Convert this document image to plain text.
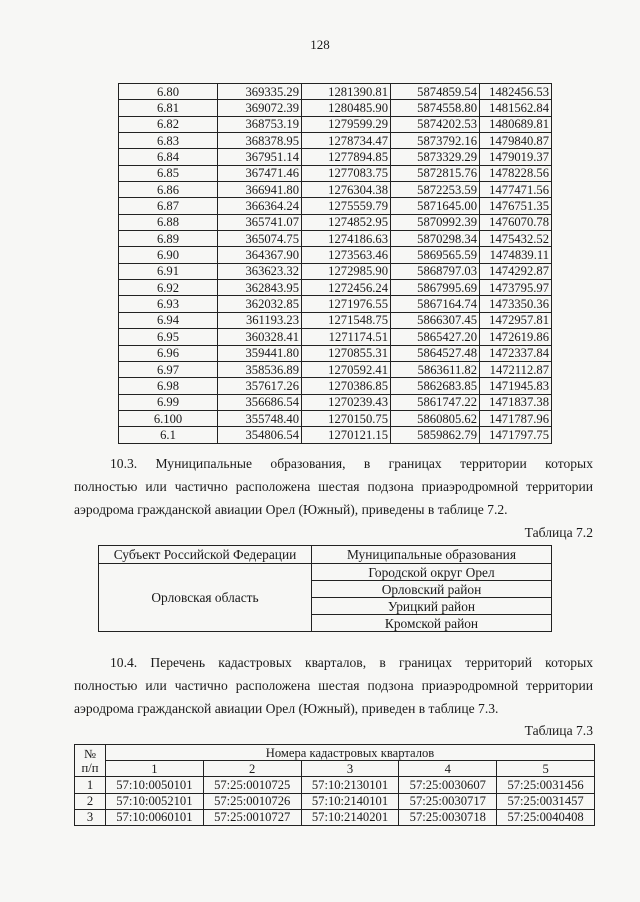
128
6.80	369335.29	1281390.81	5874859.54	1482456.53
6.81	369072.39	1280485.90	5874558.80	1481562.84
6.82	368753.19	1279599.29	5874202.53	1480689.81
6.83	368378.95	1278734.47	5873792.16	1479840.87
6.84	367951.14	1277894.85	5873329.29	1479019.37
6.85	367471.46	1277083.75	5872815.76	1478228.56
6.86	366941.80	1276304.38	5872253.59	1477471.56
6.87	366364.24	1275559.79	5871645.00	1476751.35
6.88	365741.07	1274852.95	5870992.39	1476070.78
6.89	365074.75	1274186.63	5870298.34	1475432.52
6.90	364367.90	1273563.46	5869565.59	1474839.11
6.91	363623.32	1272985.90	5868797.03	1474292.87
6.92	362843.95	1272456.24	5867995.69	1473795.97
6.93	362032.85	1271976.55	5867164.74	1473350.36
6.94	361193.23	1271548.75	5866307.45	1472957.81
6.95	360328.41	1271174.51	5865427.20	1472619.86
6.96	359441.80	1270855.31	5864527.48	1472337.84
6.97	358536.89	1270592.41	5863611.82	1472112.87
6.98	357617.26	1270386.85	5862683.85	1471945.83
6.99	356686.54	1270239.43	5861747.22	1471837.38
6.100	355748.40	1270150.75	5860805.62	1471787.96
6.1	354806.54	1270121.15	5859862.79	1471797.75
10.3. Муниципальные образования, в границах территории которых
полностью или частично расположена шестая подзона приаэродромной территории аэродрома гражданской авиации Орел (Южный), приведены в таблице 7.2.
Таблица 7.2
Субъект Российской Федерации	Муниципальные образования
Орловская область	Городской округ Орел
	Орловский район
	Урицкий район
	Кромской район
10.4. Перечень кадастровых кварталов, в границах территорий которых
полностью или частично расположена шестая подзона приаэродромной территории аэродрома гражданской авиации Орел (Южный), приведен в таблице 7.3.
Таблица 7.3
№
п/п	Номера кадастровых кварталов				
	1	2	3	4	5
1	57:10:0050101	57:25:0010725	57:10:2130101	57:25:0030607	57:25:0031456
2	57:10:0052101	57:25:0010726	57:10:2140101	57:25:0030717	57:25:0031457
3	57:10:0060101	57:25:0010727	57:10:2140201	57:25:0030718	57:25:0040408
